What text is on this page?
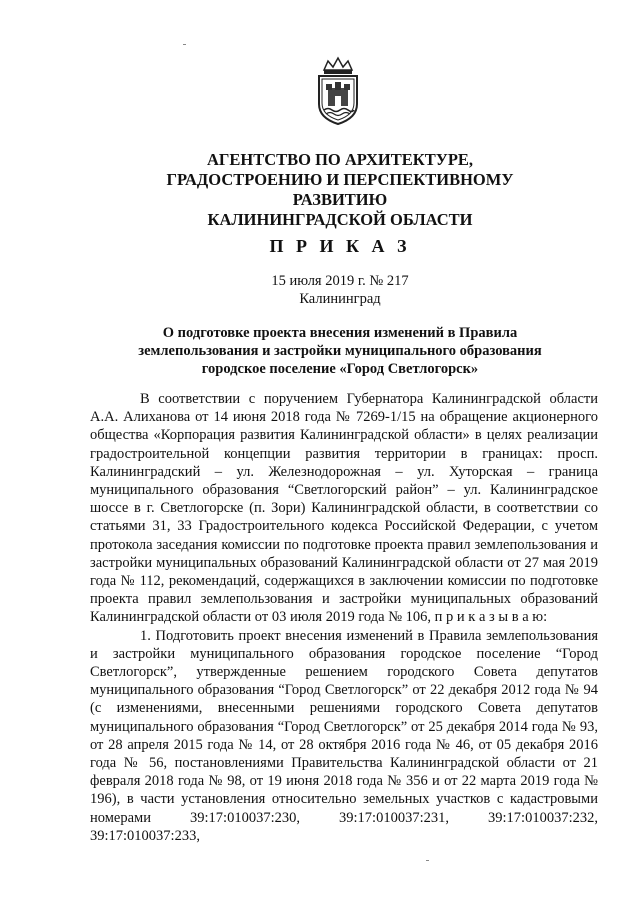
АГЕНТСТВО ПО АРХИТЕКТУРЕ,
ГРАДОСТРОЕНИЮ И ПЕРСПЕКТИВНОМУ РАЗВИТИЮ
КАЛИНИНГРАДСКОЙ ОБЛАСТИ
П Р И К А З
15 июля 2019 г. № 217
Калининград
О подготовке проекта внесения изменений в Правила
землепользования и застройки муниципального образования
городское поселение «Город Светлогорск»

В соответствии с поручением Губернатора Калининградской области А.А. Алиханова от 14 июня 2018 года № 7269-1/15 на обращение акционерного общества «Корпорация развития Калининградской области» в целях реализации градостроительной концепции развития территории в границах: просп. Калининградский – ул. Железнодорожная – ул. Хуторская – граница муниципального образования “Светлогорский район” – ул. Калининградское шоссе в г. Светлогорске (п. Зори) Калининградской области, в соответствии со статьями 31, 33 Градостроительного кодекса Российской Федерации, с учетом протокола заседания комиссии по подготовке проекта правил землепользования и застройки муниципальных образований Калининградской области от 27 мая 2019 года № 112, рекомендаций, содержащихся в заключении комиссии по подготовке проекта правил землепользования и застройки муниципальных образований Калининградской области от 03 июля 2019 года № 106, п р и к а з ы в а ю:

1. Подготовить проект внесения изменений в Правила землепользования и застройки муниципального образования городское поселение “Город Светлогорск”, утвержденные решением городского Совета депутатов муниципального образования “Город Светлогорск” от 22 декабря 2012 года № 94 (с изменениями, внесенными решениями городского Совета депутатов муниципального образования “Город Светлогорск” от 25 декабря 2014 года № 93, от 28 апреля 2015 года № 14, от 28 октября 2016 года № 46, от 05 декабря 2016 года № 56, постановлениями Правительства Калининградской области от 21 февраля 2018 года № 98, от 19 июня 2018 года № 356 и от 22 марта 2019 года № 196), в части установления относительно земельных участков с кадастровыми номерами 39:17:010037:230, 39:17:010037:231, 39:17:010037:232, 39:17:010037:233,
